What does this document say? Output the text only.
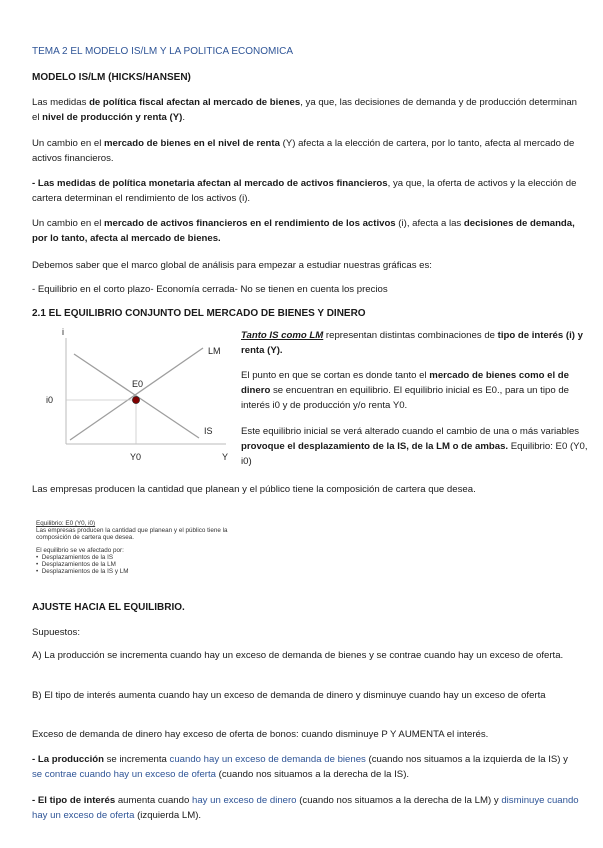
TEMA 2 EL MODELO IS/LM Y LA POLITICA ECONOMICA

MODELO IS/LM (HICKS/HANSEN)

Las medidas de política fiscal afectan al mercado de bienes, ya que, las decisiones de demanda y de producción determinan el nivel de producción y renta (Y).

Un cambio en el mercado de bienes en el nivel de renta (Y) afecta a la elección de cartera, por lo tanto, afecta al mercado de activos financieros.

- Las medidas de política monetaria afectan al mercado de activos financieros, ya que, la oferta de activos y la elección de cartera determinan el rendimiento de los activos (i).

Un cambio en el mercado de activos financieros en el rendimiento de los activos (i), afecta a las decisiones de demanda, por lo tanto, afecta al mercado de bienes.

Debemos saber que el marco global de análisis para empezar a estudiar nuestras gráficas es:

- Equilibrio en el corto plazo- Economía cerrada- No se tienen en cuenta los precios

2.1 EL EQUILIBRIO CONJUNTO DEL MERCADO DE BIENES Y DINERO

i
Y
LM
IS
E0
i0
Y0

Tanto IS como LM representan distintas combinaciones de tipo de interés (i) y renta (Y).

El punto en que se cortan es donde tanto el mercado de bienes como el de dinero se encuentran en equilibrio. El equilibrio inicial es E0., para un tipo de interés i0 y de producción y/o renta Y0.

Este equilibrio inicial se verá alterado cuando el cambio de una o más variables provoque el desplazamiento de la IS, de la LM o de ambas. Equilibrio: E0 (Y0, i0)

Las empresas producen la cantidad que planean y el público tiene la composición de cartera que desea.

Equilibrio: E0 (Y0, i0)
Las empresas producen la cantidad que planean y el público tiene la
composición de cartera que desea.
El equilibrio se ve afectado por:
•  Desplazamientos de la IS
•  Desplazamientos de la LM
•  Desplazamientos de la IS y LM

AJUSTE HACIA EL EQUILIBRIO.

Supuestos:

A) La producción se incrementa cuando hay un exceso de demanda de bienes y se contrae cuando hay un exceso de oferta.

B) El tipo de interés aumenta cuando hay un exceso de demanda de dinero y disminuye cuando hay un exceso de oferta

Exceso de demanda de dinero hay exceso de oferta de bonos: cuando disminuye P Y AUMENTA el interés.

- La producción se incrementa cuando hay un exceso de demanda de bienes (cuando nos situamos a la izquierda de la IS) y se contrae cuando hay un exceso de oferta (cuando nos situamos a la derecha de la IS).

- El tipo de interés aumenta cuando hay un exceso de dinero (cuando nos situamos a la derecha de la LM) y disminuye cuando hay un exceso de oferta (izquierda LM).
